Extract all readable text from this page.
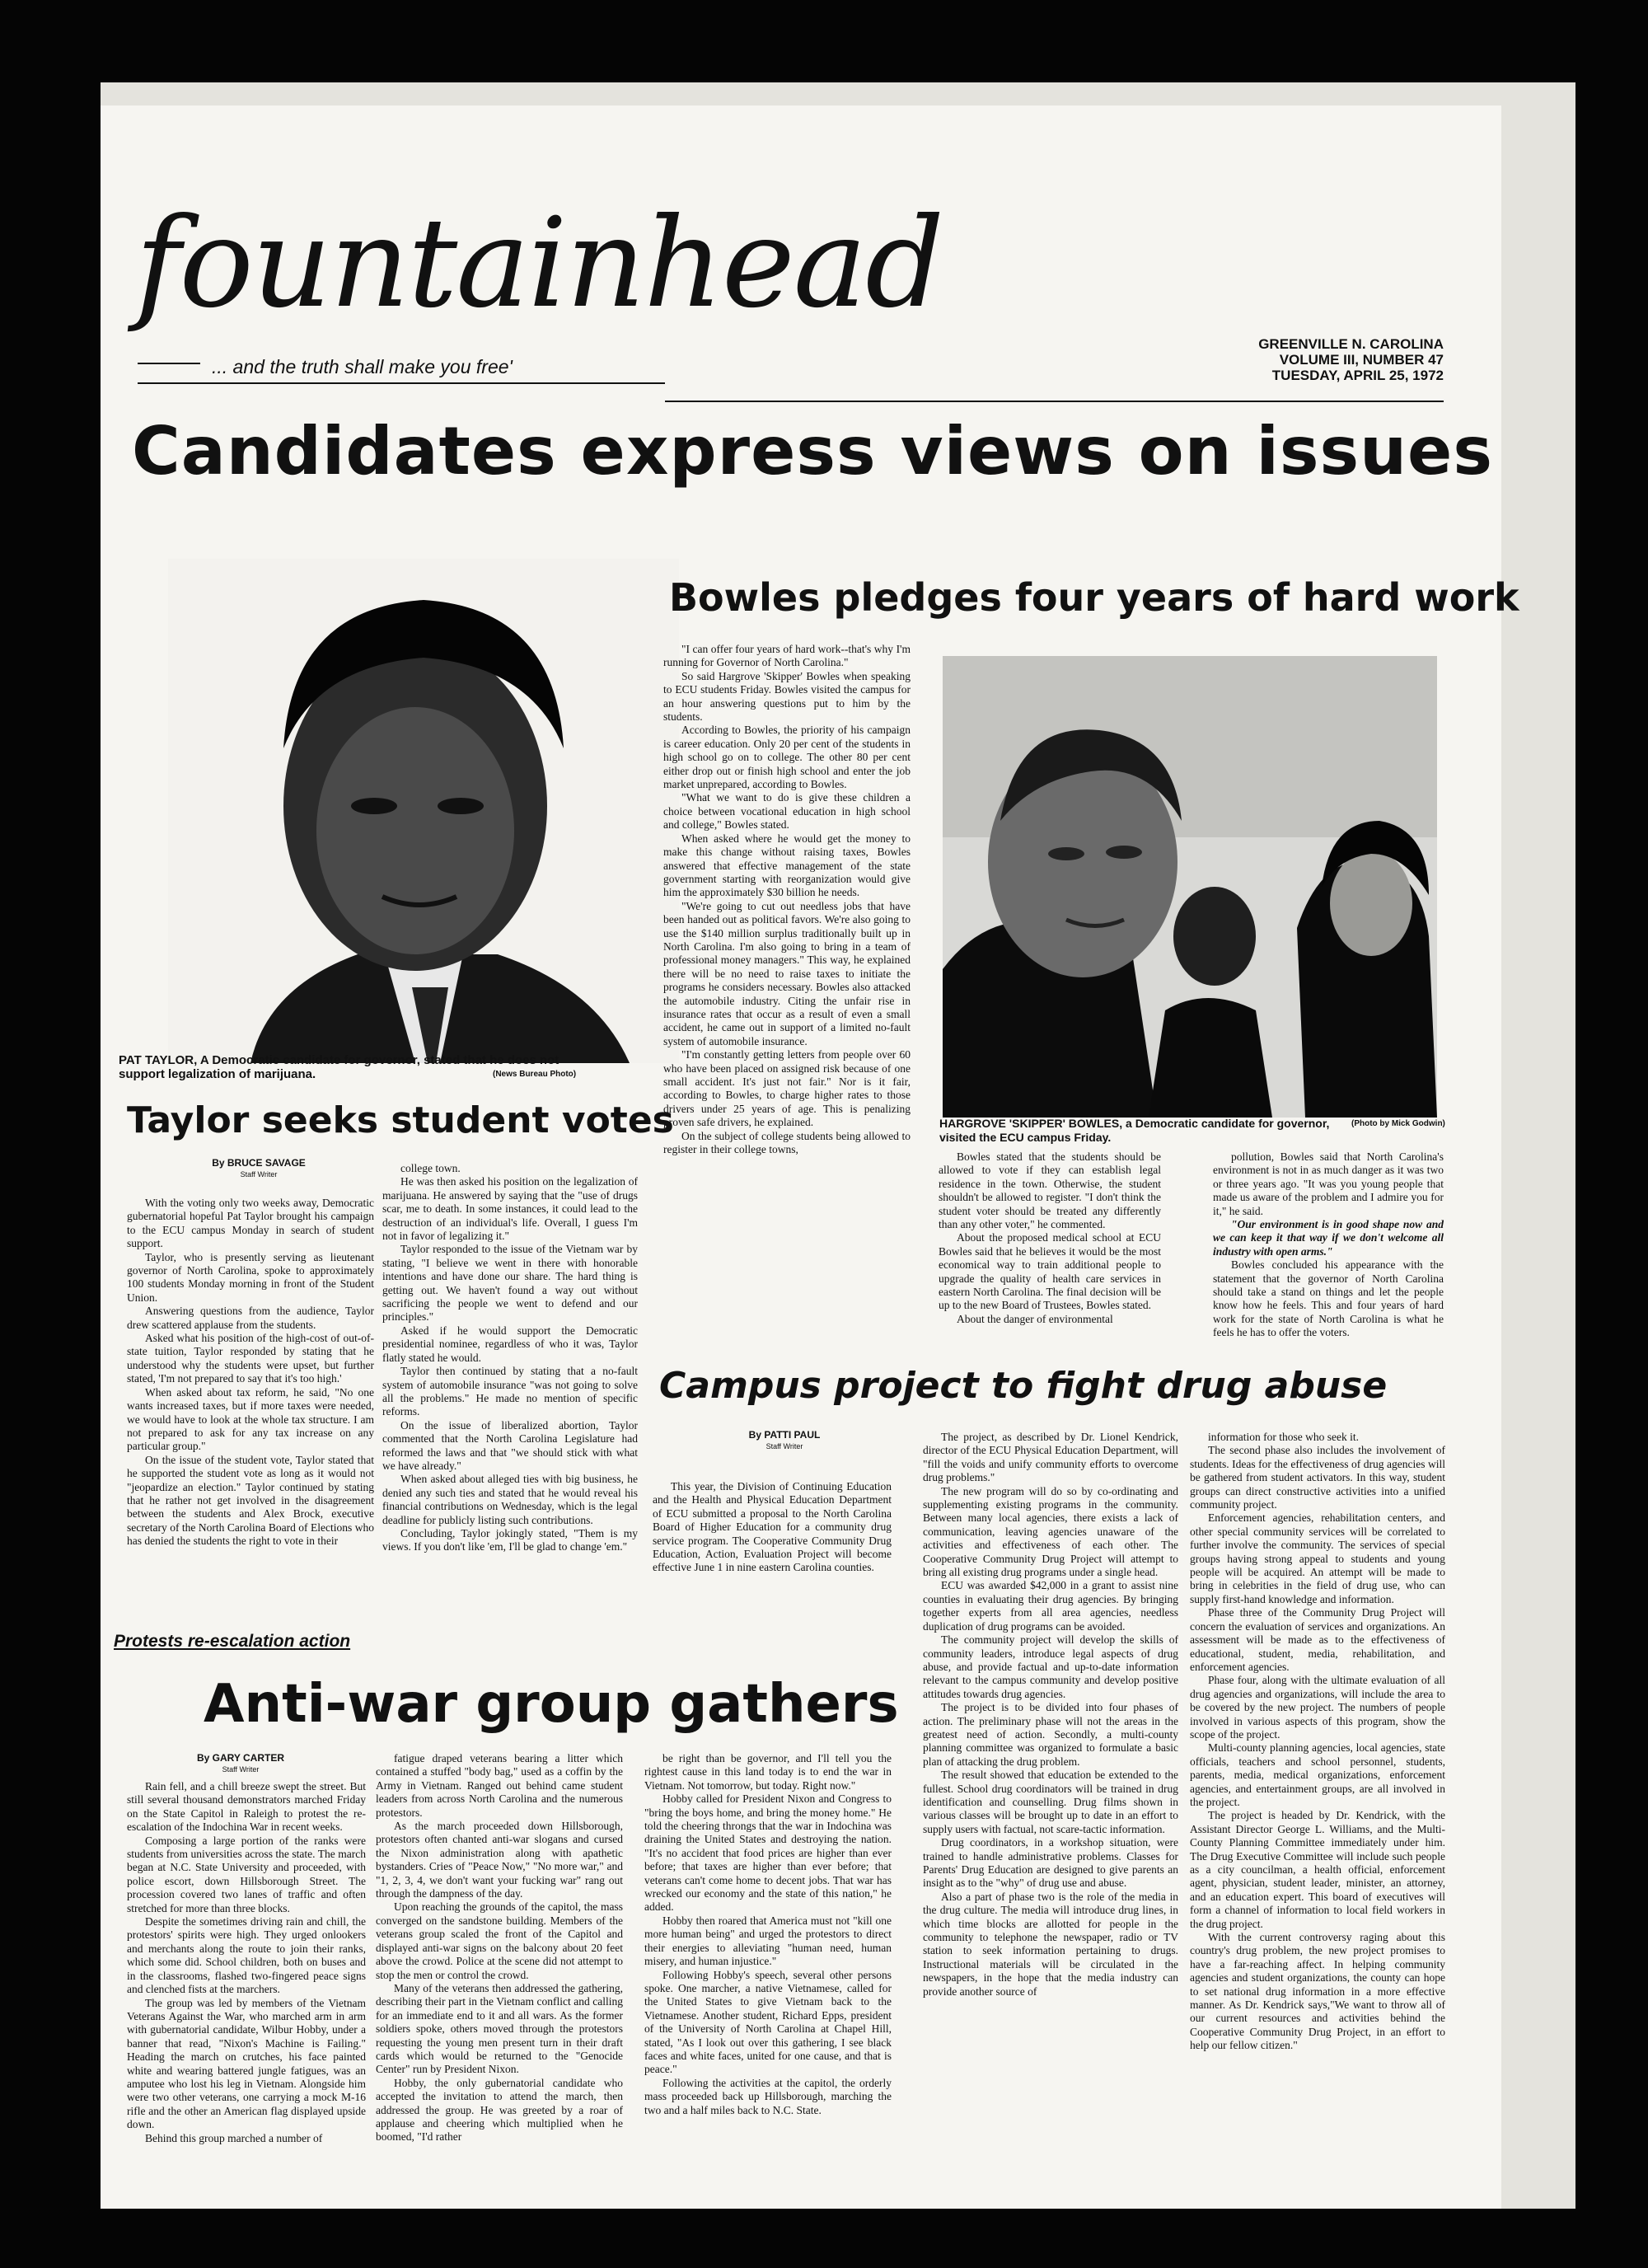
fountainhead
... and the truth shall make you free'
GREENVILLE N. CAROLINA
VOLUME III, NUMBER 47
TUESDAY, APRIL 25, 1972
Candidates express views on issues
PAT TAYLOR, A Democratic candidate for governor, stated that he does not support legalization of marijuana.	(News Bureau Photo)
Taylor seeks student votes
By BRUCE SAVAGE
Staff Writer

With the voting only two weeks away, Democratic gubernatorial hopeful Pat Taylor brought his campaign to the ECU campus Monday in search of student support.

Taylor, who is presently serving as lieutenant governor of North Carolina, spoke to approximately 100 students Monday morning in front of the Student Union.

Answering questions from the audience, Taylor drew scattered applause from the students.

Asked what his position of the high-cost of out-of-state tuition, Taylor responded by stating that he understood why the students were upset, but further stated, 'I'm not prepared to say that it's too high.'

When asked about tax reform, he said, "No one wants increased taxes, but if more taxes were needed, we would have to look at the whole tax structure. I am not prepared to ask for any tax increase on any particular group."

On the issue of the student vote, Taylor stated that he supported the student vote as long as it would not "jeopardize an election." Taylor continued by stating that he rather not get involved in the disagreement between the students and Alex Brock, executive secretary of the North Carolina Board of Elections who has denied the students the right to vote in their

college town.

He was then asked his position on the legalization of marijuana. He answered by saying that the "use of drugs scar, me to death. In some instances, it could lead to the destruction of an individual's life. Overall, I guess I'm not in favor of legalizing it."

Taylor responded to the issue of the Vietnam war by stating, "I believe we went in there with honorable intentions and have done our share. The hard thing is getting out. We haven't found a way out without sacrificing the people we went to defend and our principles."

Asked if he would support the Democratic presidential nominee, regardless of who it was, Taylor flatly stated he would.

Taylor then continued by stating that a no-fault system of automobile insurance "was not going to solve all the problems." He made no mention of specific reforms.

On the issue of liberalized abortion, Taylor commented that the North Carolina Legislature had reformed the laws and that "we should stick with what we have already."

When asked about alleged ties with big business, he denied any such ties and stated that he would reveal his financial contributions on Wednesday, which is the legal deadline for publicly listing such contributions.

Concluding, Taylor jokingly stated, "Them is my views. If you don't like 'em, I'll be glad to change 'em."

Bowles pledges four years of hard work

"I can offer four years of hard work--that's why I'm running for Governor of North Carolina."

So said Hargrove 'Skipper' Bowles when speaking to ECU students Friday. Bowles visited the campus for an hour answering questions put to him by the students.

According to Bowles, the priority of his campaign is career education. Only 20 per cent of the students in high school go on to college. The other 80 per cent either drop out or finish high school and enter the job market unprepared, according to Bowles.

"What we want to do is give these children a choice between vocational education in high school and college," Bowles stated.

When asked where he would get the money to make this change without raising taxes, Bowles answered that effective management of the state government starting with reorganization would give him the approximately $30 billion he needs.

"We're going to cut out needless jobs that have been handed out as political favors. We're also going to use the $140 million surplus traditionally built up in North Carolina. I'm also going to bring in a team of professional money managers." This way, he explained there will be no need to raise taxes to initiate the programs he considers necessary. Bowles also attacked the automobile industry. Citing the unfair rise in insurance rates that occur as a result of even a small accident, he came out in support of a limited no-fault system of automobile insurance.

"I'm constantly getting letters from people over 60 who have been placed on assigned risk because of one small accident. It's just not fair." Nor is it fair, according to Bowles, to charge higher rates to those drivers under 25 years of age. This is penalizing proven safe drivers, he explained.

On the subject of college students being allowed to register in their college towns,

HARGROVE 'SKIPPER' BOWLES, a Democratic candidate for governor, visited the ECU campus Friday.
(Photo by Mick Godwin)

Bowles stated that the students should be allowed to vote if they can establish legal residence in the town. Otherwise, the student shouldn't be allowed to register. "I don't think the student voter should be treated any differently than any other voter," he commented.

About the proposed medical school at ECU Bowles said that he believes it would be the most economical way to train additional people to upgrade the quality of health care services in eastern North Carolina. The final decision will be up to the new Board of Trustees, Bowles stated.

About the danger of environmental

pollution, Bowles said that North Carolina's environment is not in as much danger as it was two or three years ago. "It was you young people that made us aware of the problem and I admire you for it," he said.

"Our environment is in good shape now and we can keep it that way if we don't welcome all industry with open arms."

Bowles concluded his appearance with the statement that the governor of North Carolina should take a stand on things and let the people know how he feels. This and four years of hard work for the state of North Carolina is what he feels he has to offer the voters.

Campus project to fight drug abuse
By PATTI PAUL
Staff Writer

This year, the Division of Continuing Education and the Health and Physical Education Department of ECU submitted a proposal to the North Carolina Board of Higher Education for a community drug service program. The Cooperative Community Drug Education, Action, Evaluation Project will become effective June 1 in nine eastern Carolina counties.

The project, as described by Dr. Lionel Kendrick, director of the ECU Physical Education Department, will "fill the voids and unify community efforts to overcome drug problems."

The new program will do so by co-ordinating and supplementing existing programs in the community. Between many local agencies, there exists a lack of communication, leaving agencies unaware of the activities and effectiveness of each other. The Cooperative Community Drug Project will attempt to bring all existing drug programs under a single head.

ECU was awarded $42,000 in a grant to assist nine counties in evaluating their drug agencies. By bringing together experts from all area agencies, needless duplication of drug programs can be avoided.

The community project will develop the skills of community leaders, introduce legal aspects of drug abuse, and provide factual and up-to-date information relevant to the campus community and develop positive attitudes towards drug agencies.

The project is to be divided into four phases of action. The preliminary phase will not the areas in the greatest need of action. Secondly, a multi-county planning committee was organized to formulate a basic plan of attacking the drug problem.

The result showed that education be extended to the fullest. School drug coordinators will be trained in drug identification and counselling. Drug films shown in various classes will be brought up to date in an effort to supply users with factual, not scare-tactic information.

Drug coordinators, in a workshop situation, were trained to handle administrative problems. Classes for Parents' Drug Education are designed to give parents an insight as to the "why" of drug use and abuse.

Also a part of phase two is the role of the media in the drug culture. The media will introduce drug lines, in which time blocks are allotted for people in the community to telephone the newspaper, radio or TV station to seek information pertaining to drugs. Instructional materials will be circulated in the newspapers, in the hope that the media industry can provide another source of

information for those who seek it.

The second phase also includes the involvement of students. Ideas for the effectiveness of drug agencies will be gathered from student activators. In this way, student groups can direct constructive activities into a unified community project.

Enforcement agencies, rehabilitation centers, and other special community services will be correlated to further involve the community. The services of special groups having strong appeal to students and young people will be acquired. An attempt will be made to bring in celebrities in the field of drug use, who can supply first-hand knowledge and information.

Phase three of the Community Drug Project will concern the evaluation of services and organizations. An assessment will be made as to the effectiveness of educational, student, media, rehabilitation, and enforcement agencies.

Phase four, along with the ultimate evaluation of all drug agencies and organizations, will include the area to be covered by the new project. The numbers of people involved in various aspects of this program, show the scope of the project.

Multi-county planning agencies, local agencies, state officials, teachers and school personnel, students, parents, media, medical organizations, enforcement agencies, and entertainment groups, are all involved in the project.

The project is headed by Dr. Kendrick, with the Assistant Director George L. Williams, and the Multi-County Planning Committee immediately under him. The Drug Executive Committee will include such people as a city councilman, a health official, enforcement agent, physician, student leader, minister, an attorney, and an education expert. This board of executives will form a channel of information to local field workers in the drug project.

With the current controversy raging about this country's drug problem, the new project promises to have a far-reaching affect. In helping community agencies and student organizations, the county can hope to set national drug information in a more effective manner. As Dr. Kendrick says,"We want to throw all of our current resources and activities behind the Cooperative Community Drug Project, in an effort to help our fellow citizen."

Protests re-escalation action
Anti-war group gathers
By GARY CARTER
Staff Writer

Rain fell, and a chill breeze swept the street. But still several thousand demonstrators marched Friday on the State Capitol in Raleigh to protest the re-escalation of the Indochina War in recent weeks.

Composing a large portion of the ranks were students from universities across the state. The march began at N.C. State University and proceeded, with police escort, down Hillsborough Street. The procession covered two lanes of traffic and often stretched for more than three blocks.

Despite the sometimes driving rain and chill, the protestors' spirits were high. They urged onlookers and merchants along the route to join their ranks, which some did. School children, both on buses and in the classrooms, flashed two-fingered peace signs and clenched fists at the marchers.

The group was led by members of the Vietnam Veterans Against the War, who marched arm in arm with gubernatorial candidate, Wilbur Hobby, under a banner that read, "Nixon's Machine is Failing." Heading the march on crutches, his face painted white and wearing battered jungle fatigues, was an amputee who lost his leg in Vietnam. Alongside him were two other veterans, one carrying a mock M-16 rifle and the other an American flag displayed upside down.

Behind this group marched a number of

fatigue draped veterans bearing a litter which contained a stuffed "body bag," used as a coffin by the Army in Vietnam. Ranged out behind came student leaders from across North Carolina and the numerous protestors.

As the march proceeded down Hillsborough, protestors often chanted anti-war slogans and cursed the Nixon administration along with apathetic bystanders. Cries of "Peace Now," "No more war," and "1, 2, 3, 4, we don't want your fucking war" rang out through the dampness of the day.

Upon reaching the grounds of the capitol, the mass converged on the sandstone building. Members of the veterans group scaled the front of the Capitol and displayed anti-war signs on the balcony about 20 feet above the crowd. Police at the scene did not attempt to stop the men or control the crowd.

Many of the veterans then addressed the gathering, describing their part in the Vietnam conflict and calling for an immediate end to it and all wars. As the former soldiers spoke, others moved through the protestors requesting the young men present turn in their draft cards which would be returned to the "Genocide Center" run by President Nixon.

Hobby, the only gubernatorial candidate who accepted the invitation to attend the march, then addressed the group. He was greeted by a roar of applause and cheering which multiplied when he boomed, "I'd rather

be right than be governor, and I'll tell you the rightest cause in this land today is to end the war in Vietnam. Not tomorrow, but today. Right now."

Hobby called for President Nixon and Congress to "bring the boys home, and bring the money home." He told the cheering throngs that the war in Indochina was draining the United States and destroying the nation. "It's no accident that food prices are higher than ever before; that taxes are higher than ever before; that veterans can't come home to decent jobs. That war has wrecked our economy and the state of this nation," he added.

Hobby then roared that America must not "kill one more human being" and urged the protestors to direct their energies to alleviating "human need, human misery, and human injustice."

Following Hobby's speech, several other persons spoke. One marcher, a native Vietnamese, called for the United States to give Vietnam back to the Vietnamese. Another student, Richard Epps, president of the University of North Carolina at Chapel Hill, stated, "As I look out over this gathering, I see black faces and white faces, united for one cause, and that is peace."

Following the activities at the capitol, the orderly mass proceeded back up Hillsborough, marching the two and a half miles back to N.C. State.
